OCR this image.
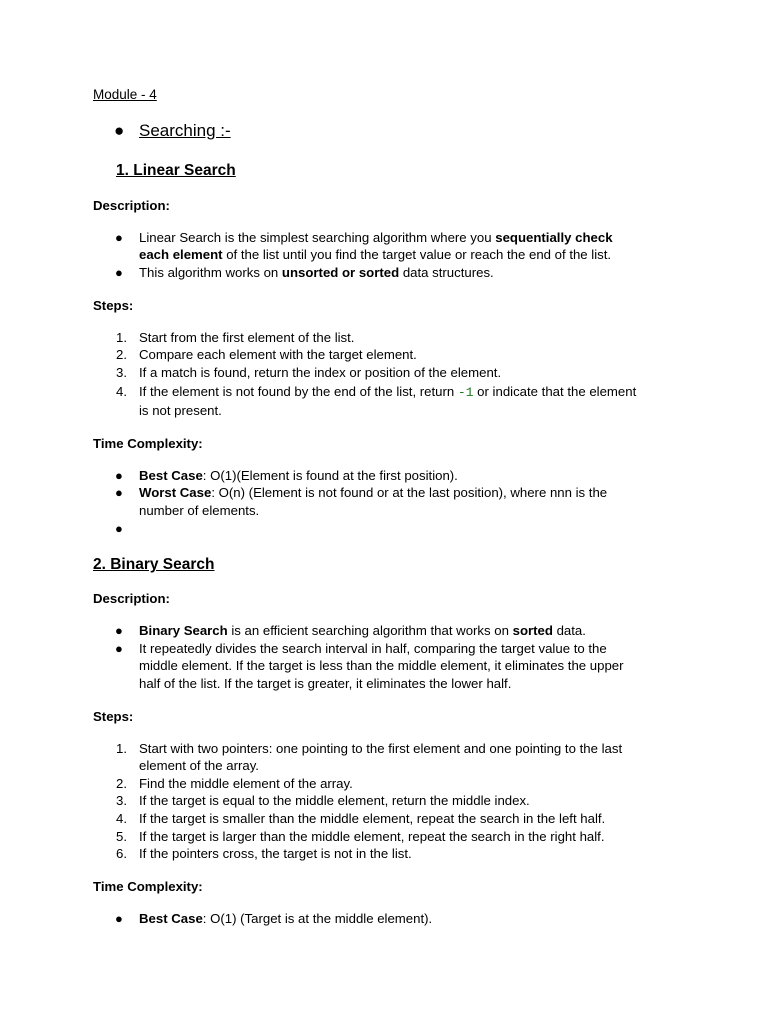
Module - 4
● Searching :-
1. Linear Search
Description:
● Linear Search is the simplest searching algorithm where you sequentially check
each element of the list until you find the target value or reach the end of the list.
● This algorithm works on unsorted or sorted data structures.
Steps:
1. Start from the first element of the list.
2. Compare each element with the target element.
3. If a match is found, return the index or position of the element.
4. If the element is not found by the end of the list, return -1 or indicate that the element
is not present.
Time Complexity:
● Best Case: O(1)(Element is found at the first position).
● Worst Case: O(n) (Element is not found or at the last position), where nnn is the
number of elements.
●
2. Binary Search
Description:
● Binary Search is an efficient searching algorithm that works on sorted data.
● It repeatedly divides the search interval in half, comparing the target value to the
middle element. If the target is less than the middle element, it eliminates the upper
half of the list. If the target is greater, it eliminates the lower half.
Steps:
1. Start with two pointers: one pointing to the first element and one pointing to the last
element of the array.
2. Find the middle element of the array.
3. If the target is equal to the middle element, return the middle index.
4. If the target is smaller than the middle element, repeat the search in the left half.
5. If the target is larger than the middle element, repeat the search in the right half.
6. If the pointers cross, the target is not in the list.
Time Complexity:
● Best Case: O(1) (Target is at the middle element).
